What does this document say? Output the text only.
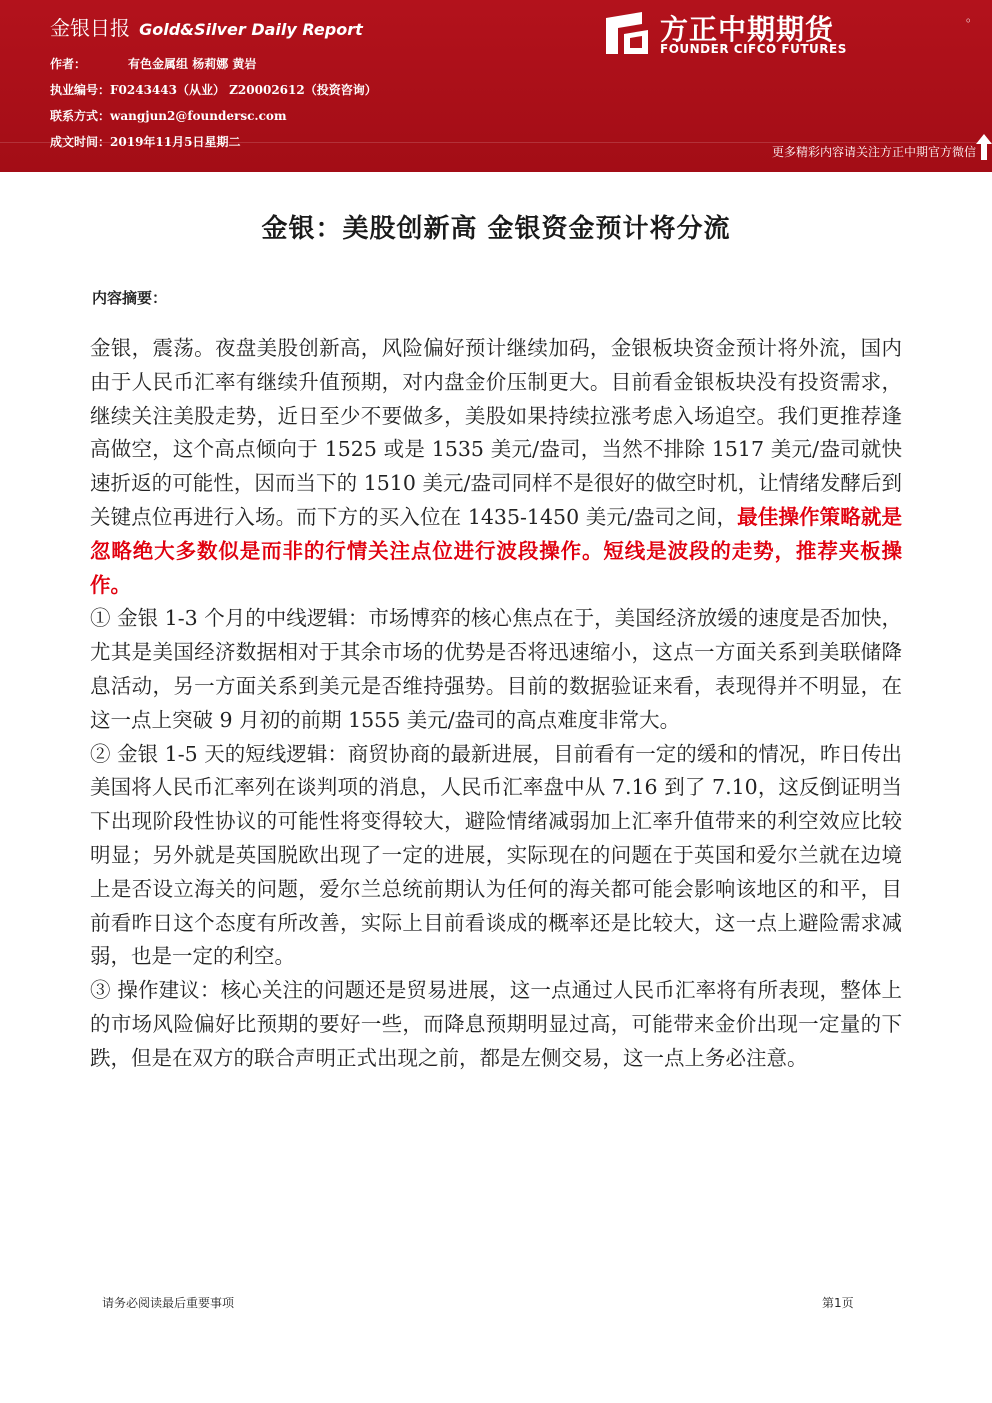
金银日报 Gold&Silver Daily Report
作者：	有色金属组 杨莉娜 黄岩
执业编号：F0243443（从业） Z20002612（投资咨询）
联系方式：wangjun2@foundersc.com
成文时间：2019年11月5日星期二
方正中期期货
FOUNDER CIFCO FUTURES
。
更多精彩内容请关注方正中期官方微信
金银：美股创新高 金银资金预计将分流
内容摘要：

金银，震荡。夜盘美股创新高，风险偏好预计继续加码，金银板块资金预计将外流，国内由于人民币汇率有继续升值预期，对内盘金价压制更大。目前看金银板块没有投资需求，继续关注美股走势，近日至少不要做多，美股如果持续拉涨考虑入场追空。我们更推荐逢高做空，这个高点倾向于 1525 或是 1535 美元/盎司，当然不排除 1517 美元/盎司就快速折返的可能性，因而当下的 1510 美元/盎司同样不是很好的做空时机，让情绪发酵后到关键点位再进行入场。而下方的买入位在 1435-1450 美元/盎司之间，最佳操作策略就是忽略绝大多数似是而非的行情关注点位进行波段操作。短线是波段的走势，推荐夹板操作。

① 金银 1-3 个月的中线逻辑：市场博弈的核心焦点在于，美国经济放缓的速度是否加快，尤其是美国经济数据相对于其余市场的优势是否将迅速缩小，这点一方面关系到美联储降息活动，另一方面关系到美元是否维持强势。目前的数据验证来看，表现得并不明显，在这一点上突破 9 月初的前期 1555 美元/盎司的高点难度非常大。

② 金银 1-5 天的短线逻辑：商贸协商的最新进展，目前看有一定的缓和的情况，昨日传出美国将人民币汇率列在谈判项的消息，人民币汇率盘中从 7.16 到了 7.10，这反倒证明当下出现阶段性协议的可能性将变得较大，避险情绪减弱加上汇率升值带来的利空效应比较明显；另外就是英国脱欧出现了一定的进展，实际现在的问题在于英国和爱尔兰就在边境上是否设立海关的问题，爱尔兰总统前期认为任何的海关都可能会影响该地区的和平，目前看昨日这个态度有所改善，实际上目前看谈成的概率还是比较大，这一点上避险需求减弱，也是一定的利空。

③ 操作建议：核心关注的问题还是贸易进展，这一点通过人民币汇率将有所表现，整体上的市场风险偏好比预期的要好一些，而降息预期明显过高，可能带来金价出现一定量的下跌，但是在双方的联合声明正式出现之前，都是左侧交易，这一点上务必注意。

请务必阅读最后重要事项	第1页
